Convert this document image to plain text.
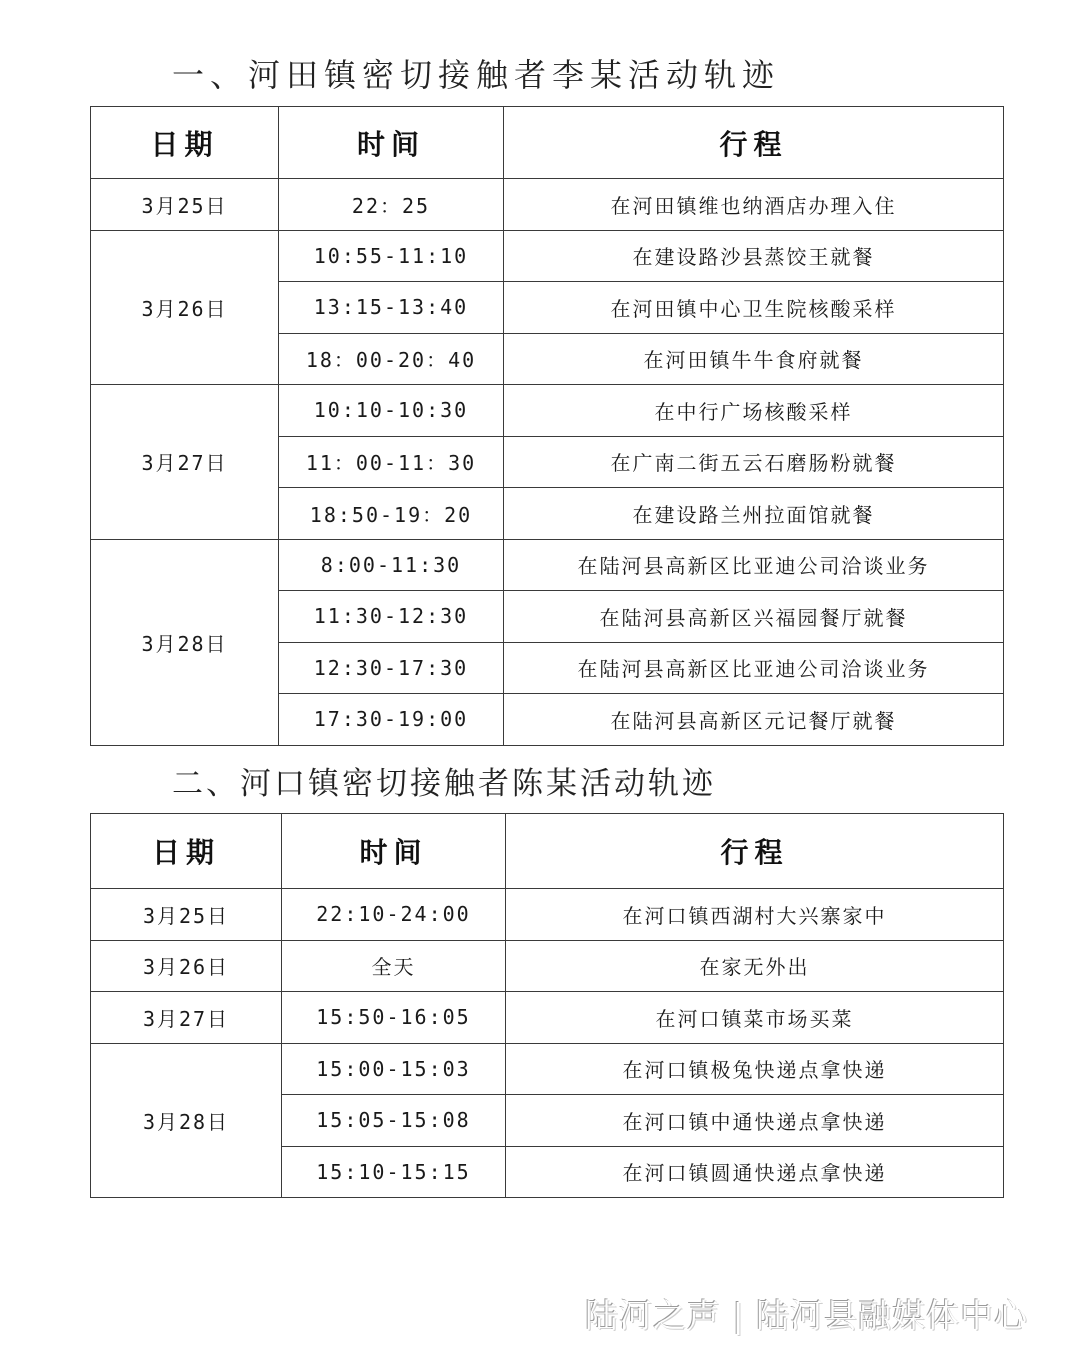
一、河田镇密切接触者李某活动轨迹
日期	时间	行程
3月25日	22：25	在河田镇维也纳酒店办理入住
3月26日	10:55-11:10	在建设路沙县蒸饺王就餐
	13:15-13:40	在河田镇中心卫生院核酸采样
	18：00-20：40	在河田镇牛牛食府就餐
3月27日	10:10-10:30	在中行广场核酸采样
	11：00-11：30	在广南二街五云石磨肠粉就餐
	18:50-19：20	在建设路兰州拉面馆就餐
3月28日	8:00-11:30	在陆河县高新区比亚迪公司洽谈业务
	11:30-12:30	在陆河县高新区兴福园餐厅就餐
	12:30-17:30	在陆河县高新区比亚迪公司洽谈业务
	17:30-19:00	在陆河县高新区元记餐厅就餐
二、河口镇密切接触者陈某活动轨迹
日期	时间	行程
3月25日	22:10-24:00	在河口镇西湖村大兴寨家中
3月26日	全天	在家无外出
3月27日	15:50-16:05	在河口镇菜市场买菜
3月28日	15:00-15:03	在河口镇极兔快递点拿快递
	15:05-15:08	在河口镇中通快递点拿快递
	15:10-15:15	在河口镇圆通快递点拿快递
陆河之声 | 陆河县融媒体中心
